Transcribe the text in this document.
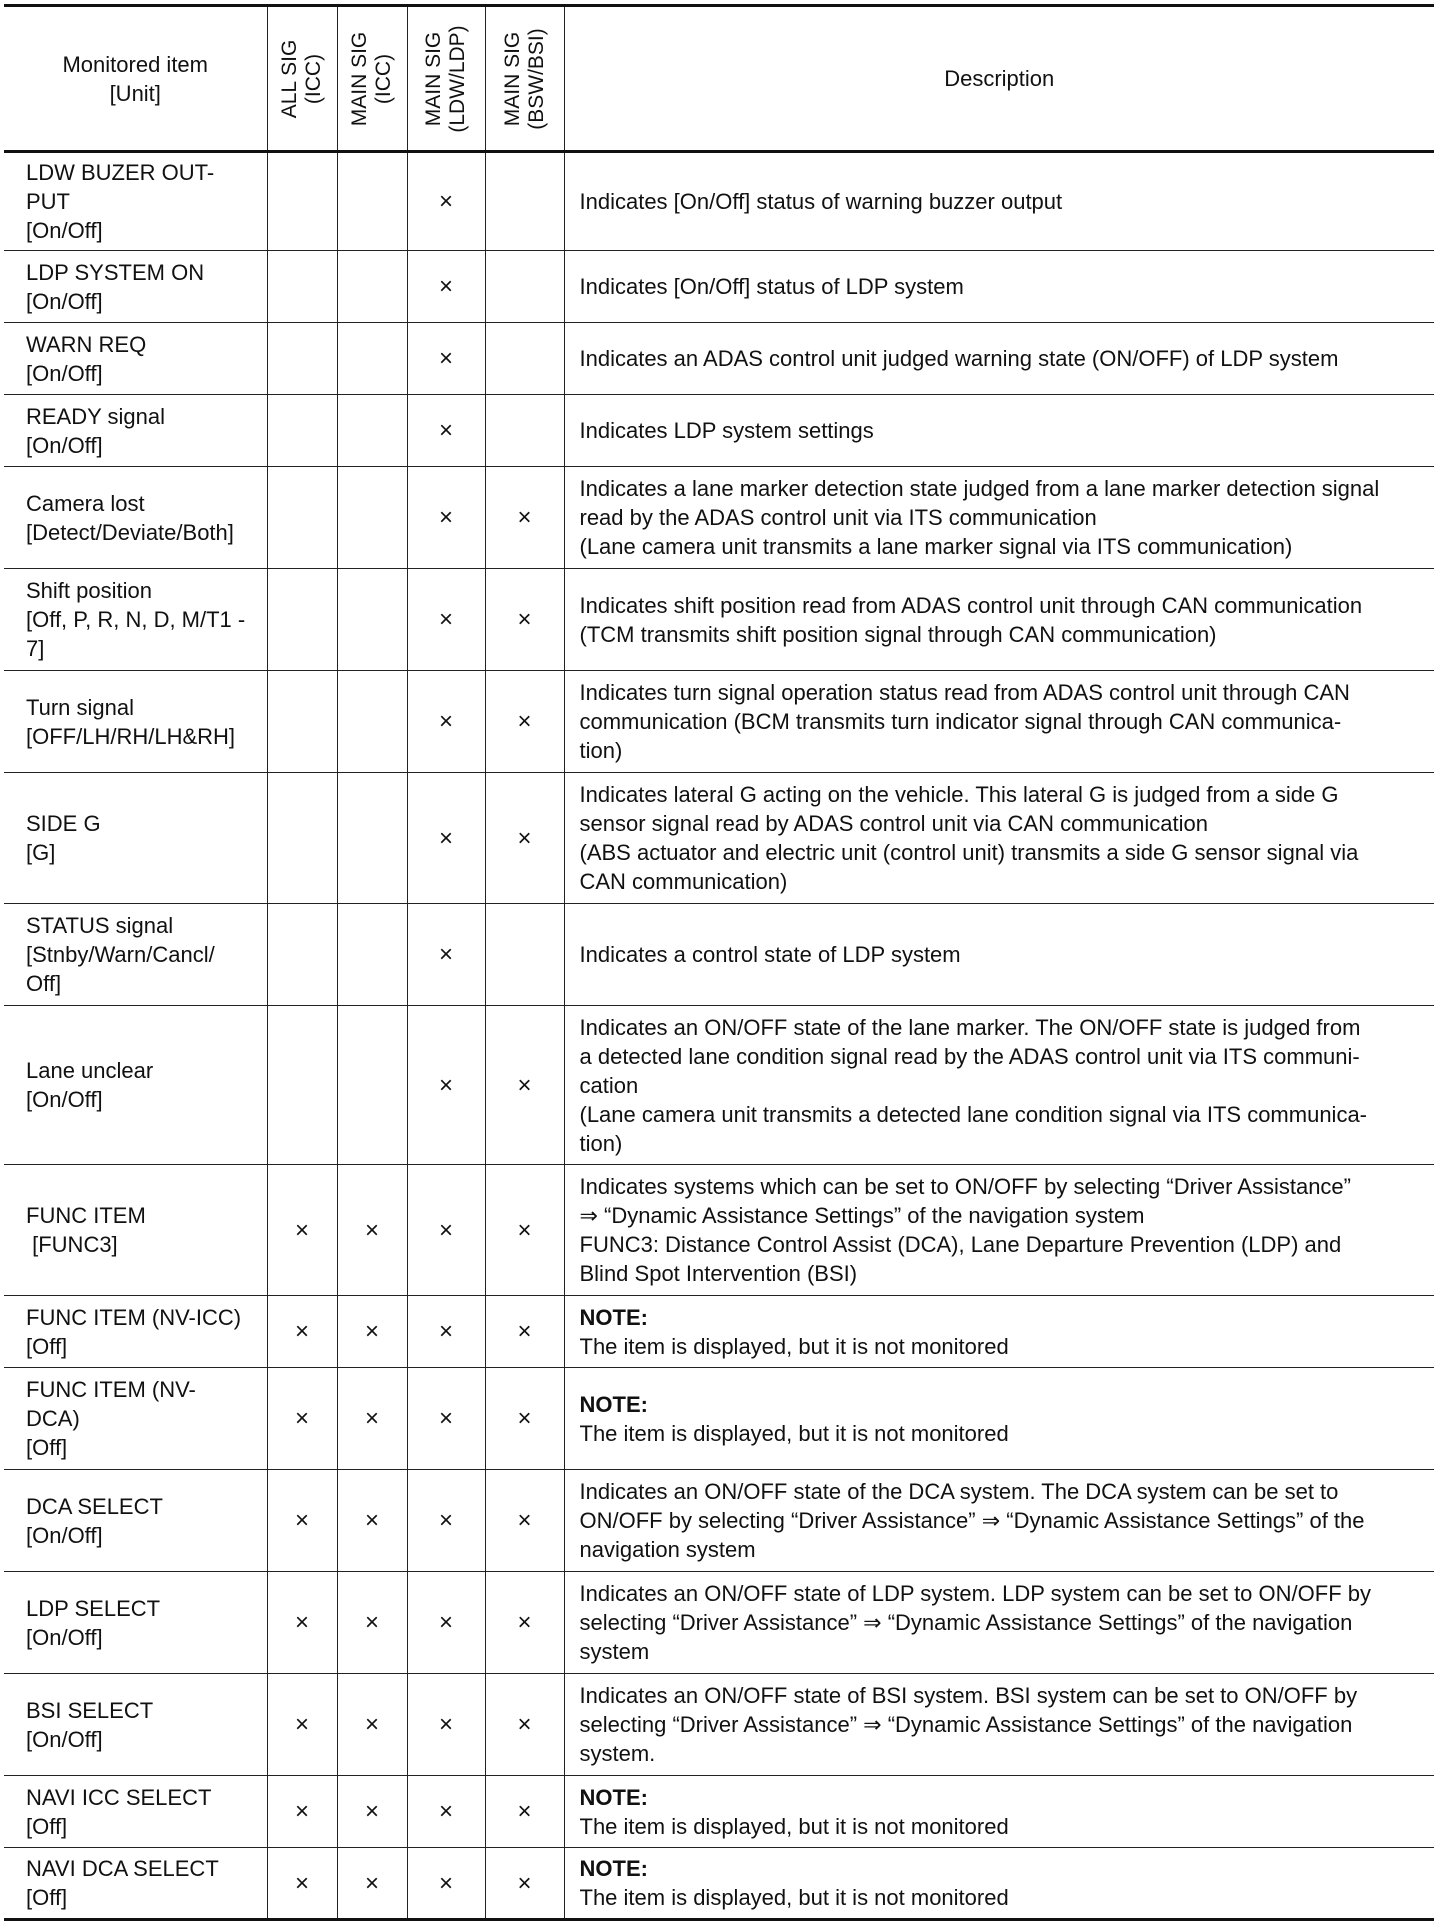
Monitored item
[Unit]	ALL SIG (ICC)	MAIN SIG (ICC)	MAIN SIG (LDW/LDP)	MAIN SIG (BSW/BSI)	Description

LDW BUZER OUT-
PUT
[On/Off]			×		Indicates [On/Off] status of warning buzzer output

LDP SYSTEM ON
[On/Off]			×		Indicates [On/Off] status of LDP system

WARN REQ
[On/Off]			×		Indicates an ADAS control unit judged warning state (ON/OFF) of LDP system

READY signal
[On/Off]			×		Indicates LDP system settings

Camera lost
[Detect/Deviate/Both]			×	×	Indicates a lane marker detection state judged from a lane marker detection signal
read by the ADAS control unit via ITS communication
(Lane camera unit transmits a lane marker signal via ITS communication)

Shift position
[Off, P, R, N, D, M/T1 -
7]			×	×	Indicates shift position read from ADAS control unit through CAN communication
(TCM transmits shift position signal through CAN communication)

Turn signal
[OFF/LH/RH/LH&RH]			×	×	Indicates turn signal operation status read from ADAS control unit through CAN
communication (BCM transmits turn indicator signal through CAN communica-
tion)

SIDE G
[G]			×	×	Indicates lateral G acting on the vehicle. This lateral G is judged from a side G
sensor signal read by ADAS control unit via CAN communication
(ABS actuator and electric unit (control unit) transmits a side G sensor signal via
CAN communication)

STATUS signal
[Stnby/Warn/Cancl/
Off]			×		Indicates a control state of LDP system

Lane unclear
[On/Off]			×	×	Indicates an ON/OFF state of the lane marker. The ON/OFF state is judged from
a detected lane condition signal read by the ADAS control unit via ITS communi-
cation
(Lane camera unit transmits a detected lane condition signal via ITS communica-
tion)

FUNC ITEM
[FUNC3]	×	×	×	×	Indicates systems which can be set to ON/OFF by selecting “Driver Assistance”
⇒ “Dynamic Assistance Settings” of the navigation system
FUNC3: Distance Control Assist (DCA), Lane Departure Prevention (LDP) and
Blind Spot Intervention (BSI)

FUNC ITEM (NV-ICC)
[Off]	×	×	×	×	NOTE:
The item is displayed, but it is not monitored

FUNC ITEM (NV-
DCA)
[Off]	×	×	×	×	NOTE:
The item is displayed, but it is not monitored

DCA SELECT
[On/Off]	×	×	×	×	Indicates an ON/OFF state of the DCA system. The DCA system can be set to
ON/OFF by selecting “Driver Assistance” ⇒ “Dynamic Assistance Settings” of the
navigation system

LDP SELECT
[On/Off]	×	×	×	×	Indicates an ON/OFF state of LDP system. LDP system can be set to ON/OFF by
selecting “Driver Assistance” ⇒ “Dynamic Assistance Settings” of the navigation
system

BSI SELECT
[On/Off]	×	×	×	×	Indicates an ON/OFF state of BSI system. BSI system can be set to ON/OFF by
selecting “Driver Assistance” ⇒ “Dynamic Assistance Settings” of the navigation
system.

NAVI ICC SELECT
[Off]	×	×	×	×	NOTE:
The item is displayed, but it is not monitored

NAVI DCA SELECT
[Off]	×	×	×	×	NOTE:
The item is displayed, but it is not monitored
